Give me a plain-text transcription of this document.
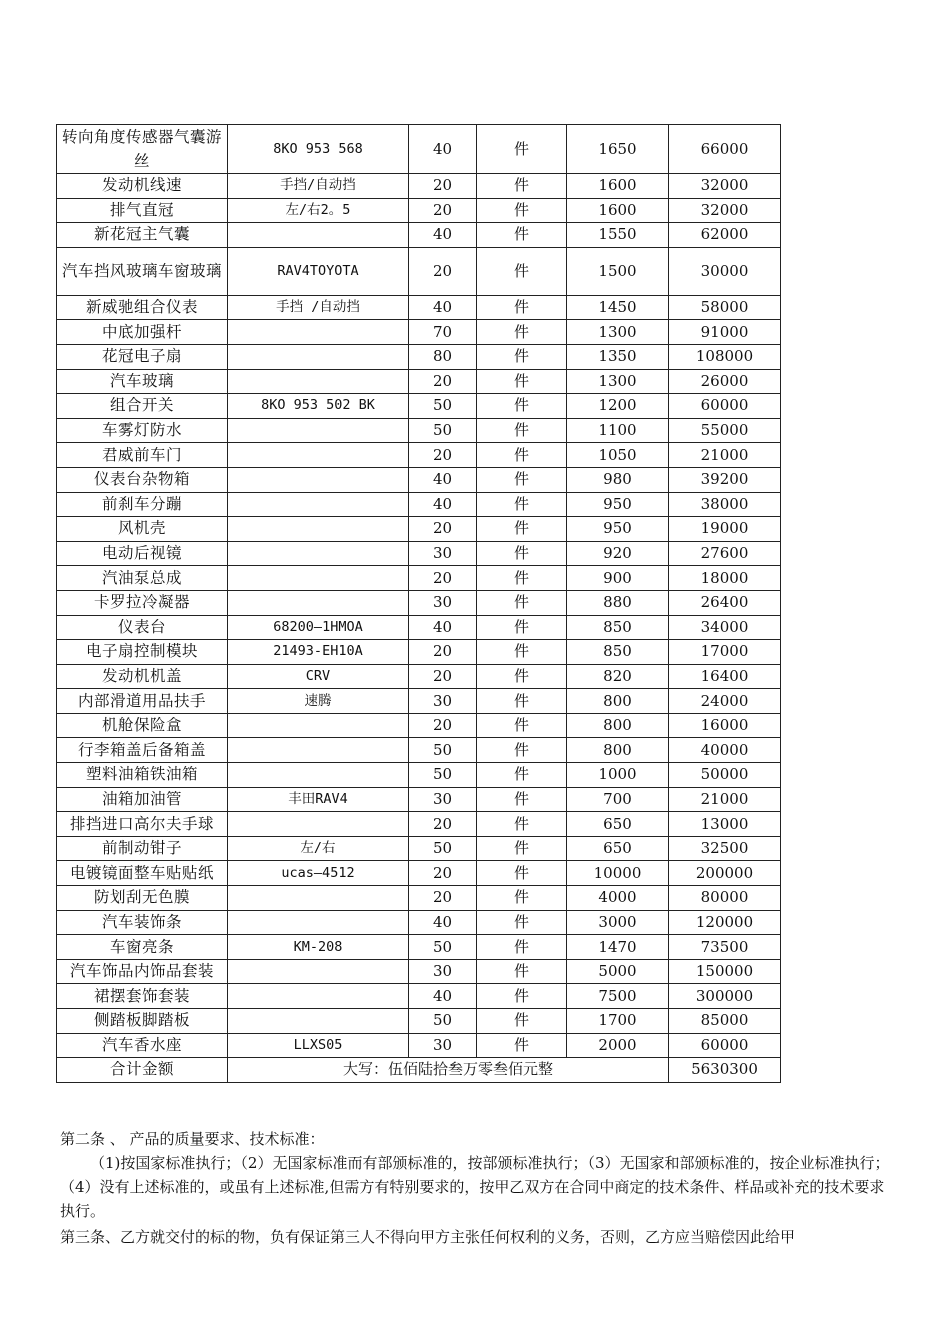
转向角度传感器气囊游丝	8KO 953 568	40	件	1650	66000
发动机线速	手挡/自动挡	20	件	1600	32000
排气直冠	左/右2。5	20	件	1600	32000
新花冠主气囊		40	件	1550	62000
汽车挡风玻璃车窗玻璃	RAV4TOYOTA	20	件	1500	30000
新威驰组合仪表	手挡 /自动挡	40	件	1450	58000
中底加强杆		70	件	1300	91000
花冠电子扇		80	件	1350	108000
汽车玻璃		20	件	1300	26000
组合开关	8KO 953 502 BK	50	件	1200	60000
车雾灯防水		50	件	1100	55000
君威前车门		20	件	1050	21000
仪表台杂物箱		40	件	980	39200
前刹车分蹦		40	件	950	38000
风机壳		20	件	950	19000
电动后视镜		30	件	920	27600
汽油泵总成		20	件	900	18000
卡罗拉冷凝器		30	件	880	26400
仪表台	68200—1HMOA	40	件	850	34000
电子扇控制模块	21493-EH10A	20	件	850	17000
发动机机盖	CRV	20	件	820	16400
内部滑道用品扶手	速腾	30	件	800	24000
机舱保险盒		20	件	800	16000
行李箱盖后备箱盖		50	件	800	40000
塑料油箱铁油箱		50	件	1000	50000
油箱加油管	丰田RAV4	30	件	700	21000
排挡进口高尔夫手球		20	件	650	13000
前制动钳子	左/右	50	件	650	32500
电镀镜面整车贴贴纸	ucas—4512	20	件	10000	200000
防划刮无色膜		20	件	4000	80000
汽车装饰条		40	件	3000	120000
车窗亮条	KM-208	50	件	1470	73500
汽车饰品内饰品套装		30	件	5000	150000
裙摆套饰套装		40	件	7500	300000
侧踏板脚踏板		50	件	1700	85000
汽车香水座	LLXS05	30	件	2000	60000
合计金额	大写：伍佰陆拾叁万零叁佰元整				5630300

第二条 、 产品的质量要求、技术标准：

（1)按国家标准执行；（2）无国家标准而有部颁标准的，按部颁标准执行；（3）无国家和部颁标准的，按企业标准执行；（4）没有上述标准的，或虽有上述标准,但需方有特别要求的，按甲乙双方在合同中商定的技术条件、样品或补充的技术要求执行。

第三条、乙方就交付的标的物，负有保证第三人不得向甲方主张任何权利的义务，否则，乙方应当赔偿因此给甲
